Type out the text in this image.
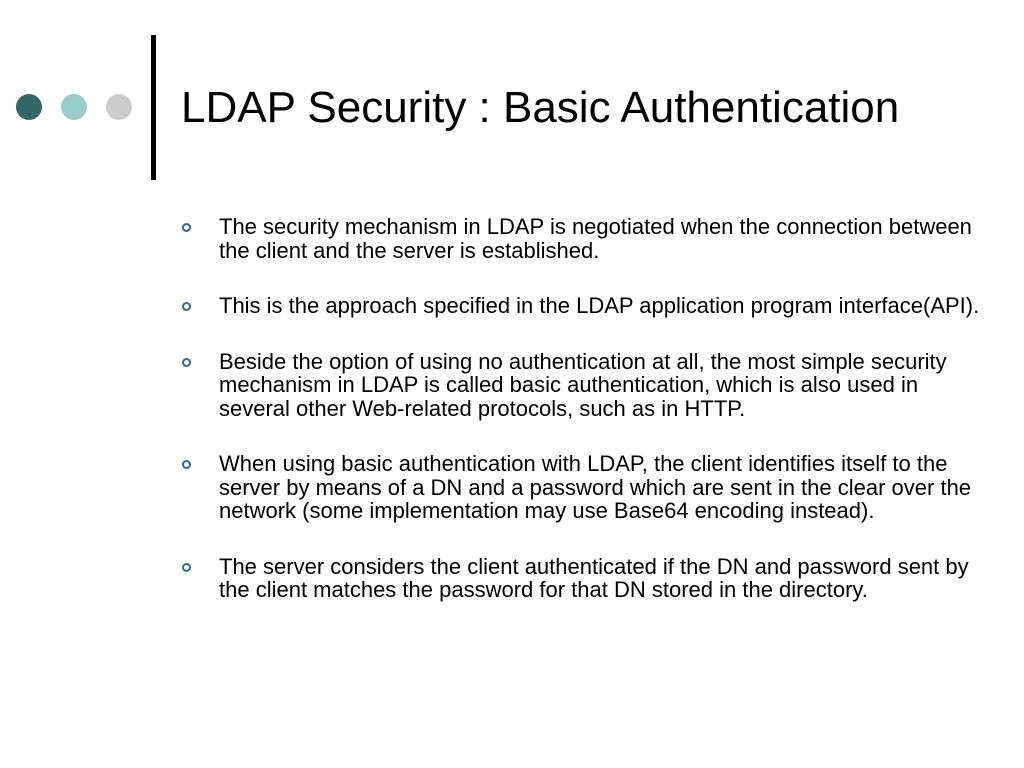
LDAP Security : Basic Authentication
The security mechanism in LDAP is negotiated when the connection between the client and the server is established.
This is the approach specified in the LDAP application program interface(API).
Beside the option of using no authentication at all, the most simple security mechanism in LDAP is called basic authentication, which is also used in several other Web-related protocols, such as in HTTP.
When using basic authentication with LDAP, the client identifies itself to the server by means of a DN and a password which are sent in the clear over the network (some implementation may use Base64 encoding instead).
The server considers the client authenticated if the DN and password sent by the client matches the password for that DN stored in the directory.
